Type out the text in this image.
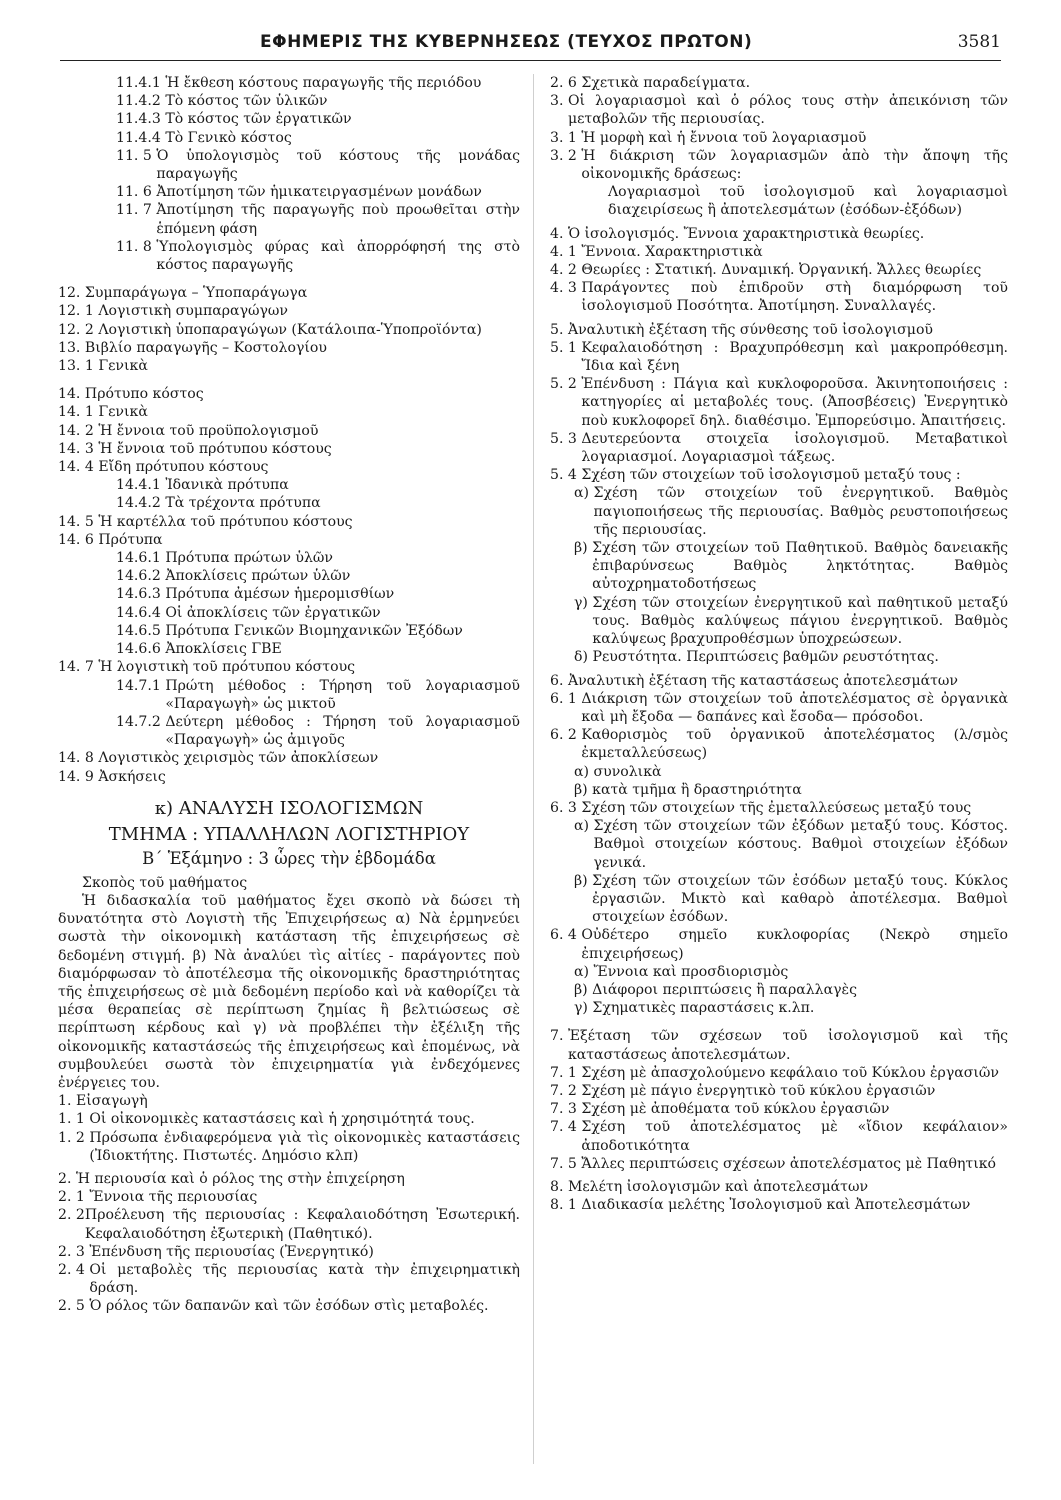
ΕΦΗΜΕΡΙΣ ΤΗΣ ΚΥΒΕΡΝΗΣΕΩΣ (ΤΕΥΧΟΣ ΠΡΩΤΟΝ)	3581
11.4.1 Ἡ ἔκθεση κόστους παραγωγῆς τῆς περιόδου
11.4.2 Τὸ κόστος τῶν ὑλικῶν
11.4.3 Τὸ κόστος τῶν ἐργατικῶν
11.4.4 Τὸ Γενικὸ κόστος
11. 5 Ὁ ὑπολογισμὸς τοῦ κόστους τῆς μονάδας παραγωγῆς
11. 6 Ἀποτίμηση τῶν ἡμικατειργασμένων μονάδων
11. 7 Ἀποτίμηση τῆς παραγωγῆς ποὺ προωθεῖται στὴν ἑπόμενη φάση
11. 8 Ὑπολογισμὸς φύρας καὶ ἀπορρόφησή της στὸ κόστος παραγωγῆς
12. Συμπαράγωγα – Ὑποπαράγωγα
12. 1 Λογιστικὴ συμπαραγώγων
12. 2 Λογιστικὴ ὑποπαραγώγων (Κατάλοιπα-Ὑποπροϊόντα)
13. Βιβλίο παραγωγῆς – Κοστολογίου
13. 1 Γενικὰ
14. Πρότυπο κόστος
14. 1 Γενικὰ
14. 2 Ἡ ἔννοια τοῦ προϋπολογισμοῦ
14. 3 Ἡ ἔννοια τοῦ πρότυπου κόστους
14. 4 Εἴδη πρότυπου κόστους
14.4.1 Ἰδανικὰ πρότυπα
14.4.2 Τὰ τρέχοντα πρότυπα
14. 5 Ἡ καρτέλλα τοῦ πρότυπου κόστους
14. 6 Πρότυπα
14.6.1 Πρότυπα πρώτων ὑλῶν
14.6.2 Ἀποκλίσεις πρώτων ὑλῶν
14.6.3 Πρότυπα ἀμέσων ἡμερομισθίων
14.6.4 Οἱ ἀποκλίσεις τῶν ἐργατικῶν
14.6.5 Πρότυπα Γενικῶν Βιομηχανικῶν Ἐξόδων
14.6.6 Ἀποκλίσεις ΓΒΕ
14. 7 Ἡ λογιστικὴ τοῦ πρότυπου κόστους
14.7.1 Πρώτη μέθοδος : Τήρηση τοῦ λογαριασμοῦ «Παραγωγὴ» ὡς μικτοῦ
14.7.2 Δεύτερη μέθοδος : Τήρηση τοῦ λογαριασμοῦ «Παραγωγὴ» ὡς ἀμιγοῦς
14. 8 Λογιστικὸς χειρισμὸς τῶν ἀποκλίσεων
14. 9 Ἀσκήσεις
κ) ΑΝΑΛΥΣΗ ΙΣΟΛΟΓΙΣΜΩΝ
ΤΜΗΜΑ : ΥΠΑΛΛΗΛΩΝ ΛΟΓΙΣΤΗΡΙΟΥ
Β΄ Ἑξάμηνο : 3 ὧρες τὴν ἑβδομάδα
Σκοπὸς τοῦ μαθήματος
Ἡ διδασκαλία τοῦ μαθήματος ἔχει σκοπὸ νὰ δώσει τὴ δυνατότητα στὸ Λογιστὴ τῆς Ἐπιχειρήσεως α) Νὰ ἑρμηνεύει σωστὰ τὴν οἰκονομικὴ κατάσταση τῆς ἐπιχειρήσεως σὲ δεδομένη στιγμή. β) Νὰ ἀναλύει τὶς αἰτίες - παράγοντες ποὺ διαμόρφωσαν τὸ ἀποτέλεσμα τῆς οἰκονομικῆς δραστηριότητας τῆς ἐπιχειρήσεως σὲ μιὰ δεδομένη περίοδο καὶ νὰ καθορίζει τὰ μέσα θεραπείας σὲ περίπτωση ζημίας ἢ βελτιώσεως σὲ περίπτωση κέρδους καὶ γ) νὰ προβλέπει τὴν ἐξέλιξη τῆς οἰκονομικῆς καταστάσεώς τῆς ἐπιχειρήσεως καὶ ἑπομένως, νὰ συμβουλεύει σωστὰ τὸν ἐπιχειρηματία γιὰ ἐνδεχόμενες ἐνέργειες του.
1. Εἰσαγωγὴ
1. 1 Οἱ οἰκονομικὲς καταστάσεις καὶ ἡ χρησιμότητά τους.
1. 2 Πρόσωπα ἐνδιαφερόμενα γιὰ τὶς οἰκονομικὲς καταστάσεις (Ἰδιοκτήτης. Πιστωτές. Δημόσιο κλπ)
2. Ἡ περιουσία καὶ ὁ ρόλος της στὴν ἐπιχείρηση
2. 1 Ἔννοια τῆς περιουσίας
2. 2 Προέλευση τῆς περιουσίας : Κεφαλαιοδότηση Ἐσωτερική. Κεφαλαιοδότηση ἐξωτερικὴ (Παθητικό).
2. 3 Ἐπένδυση τῆς περιουσίας (Ἐνεργητικό)
2. 4 Οἱ μεταβολὲς τῆς περιουσίας κατὰ τὴν ἐπιχειρηματικὴ δράση.
2. 5 Ὁ ρόλος τῶν δαπανῶν καὶ τῶν ἐσόδων στὶς μεταβολές.
2. 6 Σχετικὰ παραδείγματα.
3. Οἱ λογαριασμοὶ καὶ ὁ ρόλος τους στὴν ἀπεικόνιση τῶν μεταβολῶν τῆς περιουσίας.
3. 1 Ἡ μορφὴ καὶ ἡ ἔννοια τοῦ λογαριασμοῦ
3. 2 Ἡ διάκριση τῶν λογαριασμῶν ἀπὸ τὴν ἄποψη τῆς οἰκονομικῆς δράσεως:
Λογαριασμοὶ τοῦ ἰσολογισμοῦ καὶ λογαριασμοὶ διαχειρίσεως ἢ ἀποτελεσμάτων (ἐσόδων-ἐξόδων)
4. Ὁ ἰσολογισμός. Ἔννοια χαρακτηριστικὰ θεωρίες.
4. 1 Ἔννοια. Χαρακτηριστικὰ
4. 2 Θεωρίες : Στατική. Δυναμική. Ὀργανική. Ἄλλες θεωρίες
4. 3 Παράγοντες ποὺ ἐπιδροῦν στὴ διαμόρφωση τοῦ ἰσολογισμοῦ Ποσότητα. Ἀποτίμηση. Συναλλαγές.
5. Ἀναλυτικὴ ἐξέταση τῆς σύνθεσης τοῦ ἰσολογισμοῦ
5. 1 Κεφαλαιοδότηση : Βραχυπρόθεσμη καὶ μακροπρόθεσμη. Ἴδια καὶ ξένη
5. 2 Ἐπένδυση : Πάγια καὶ κυκλοφοροῦσα. Ἀκινητοποιήσεις : κατηγορίες αἱ μεταβολές τους. (Ἀποσβέσεις) Ἐνεργητικὸ ποὺ κυκλοφορεῖ δηλ. διαθέσιμο. Ἐμπορεύσιμο. Ἀπαιτήσεις.
5. 3 Δευτερεύοντα στοιχεῖα ἰσολογισμοῦ. Μεταβατικοὶ λογαριασμοί. Λογαριασμοὶ τάξεως.
5. 4 Σχέση τῶν στοιχείων τοῦ ἰσολογισμοῦ μεταξύ τους :
α) Σχέση τῶν στοιχείων τοῦ ἐνεργητικοῦ. Βαθμὸς παγιοποιήσεως τῆς περιουσίας. Βαθμὸς ρευστοποιήσεως τῆς περιουσίας.
β) Σχέση τῶν στοιχείων τοῦ Παθητικοῦ. Βαθμὸς δανειακῆς ἐπιβαρύνσεως Βαθμὸς ληκτότητας. Βαθμὸς αὐτοχρηματοδοτήσεως
γ) Σχέση τῶν στοιχείων ἐνεργητικοῦ καὶ παθητικοῦ μεταξύ τους. Βαθμὸς καλύψεως πάγιου ἐνεργητικοῦ. Βαθμὸς καλύψεως βραχυπροθέσμων ὑποχρεώσεων.
δ) Ρευστότητα. Περιπτώσεις βαθμῶν ρευστότητας.
6. Ἀναλυτικὴ ἐξέταση τῆς καταστάσεως ἀποτελεσμάτων
6. 1 Διάκριση τῶν στοιχείων τοῦ ἀποτελέσματος σὲ ὀργανικὰ καὶ μὴ ἔξοδα — δαπάνες καὶ ἔσοδα— πρόσοδοι.
6. 2 Καθορισμὸς τοῦ ὀργανικοῦ ἀποτελέσματος (λ/σμὸς ἐκμεταλλεύσεως)
α) συνολικὰ
β) κατὰ τμῆμα ἢ δραστηριότητα
6. 3 Σχέση τῶν στοιχείων τῆς ἐμεταλλεύσεως μεταξύ τους
α) Σχέση τῶν στοιχείων τῶν ἐξόδων μεταξύ τους. Κόστος. Βαθμοὶ στοιχείων κόστους. Βαθμοὶ στοιχείων ἐξόδων γενικά.
β) Σχέση τῶν στοιχείων τῶν ἐσόδων μεταξύ τους. Κύκλος ἐργασιῶν. Μικτὸ καὶ καθαρὸ ἀποτέλεσμα. Βαθμοὶ στοιχείων ἐσόδων.
6. 4 Οὐδέτερο σημεῖο κυκλοφορίας (Νεκρὸ σημεῖο ἐπιχειρήσεως)
α) Ἔννοια καὶ προσδιορισμὸς
β) Διάφοροι περιπτώσεις ἢ παραλλαγὲς
γ) Σχηματικὲς παραστάσεις κ.λπ.
7. Ἐξέταση τῶν σχέσεων τοῦ ἰσολογισμοῦ καὶ τῆς καταστάσεως ἀποτελεσμάτων.
7. 1 Σχέση μὲ ἀπασχολούμενο κεφάλαιο τοῦ Κύκλου ἐργασιῶν
7. 2 Σχέση μὲ πάγιο ἐνεργητικὸ τοῦ κύκλου ἐργασιῶν
7. 3 Σχέση μὲ ἀποθέματα τοῦ κύκλου ἐργασιῶν
7. 4 Σχέση τοῦ ἀποτελέσματος μὲ «ἴδιον κεφάλαιον» ἀποδοτικότητα
7. 5 Ἄλλες περιπτώσεις σχέσεων ἀποτελέσματος μὲ Παθητικό
8. Μελέτη ἰσολογισμῶν καὶ ἀποτελεσμάτων
8. 1 Διαδικασία μελέτης Ἰσολογισμοῦ καὶ Ἀποτελεσμάτων
